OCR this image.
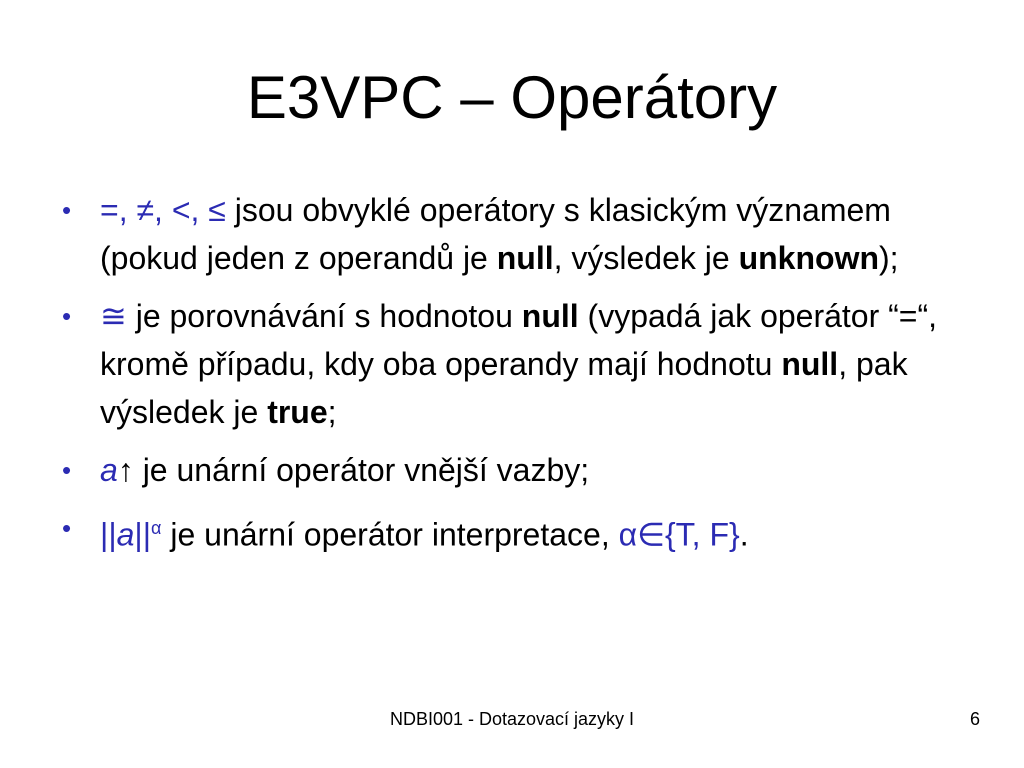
E3VPC – Operátory
• =, ≠, <, ≤ jsou obvyklé operátory s klasickým významem (pokud jeden z operandů je null, výsledek je unknown);
• ≅ je porovnávání s hodnotou null (vypadá jak operátor “=“, kromě případu, kdy oba operandy mají hodnotu null, pak výsledek je true;
• a↑ je unární operátor vnější vazby;
• $||a||^\alpha$ je unární operátor interpretace, α∈{T, F}.
NDBI001 - Dotazovací jazyky I	6
